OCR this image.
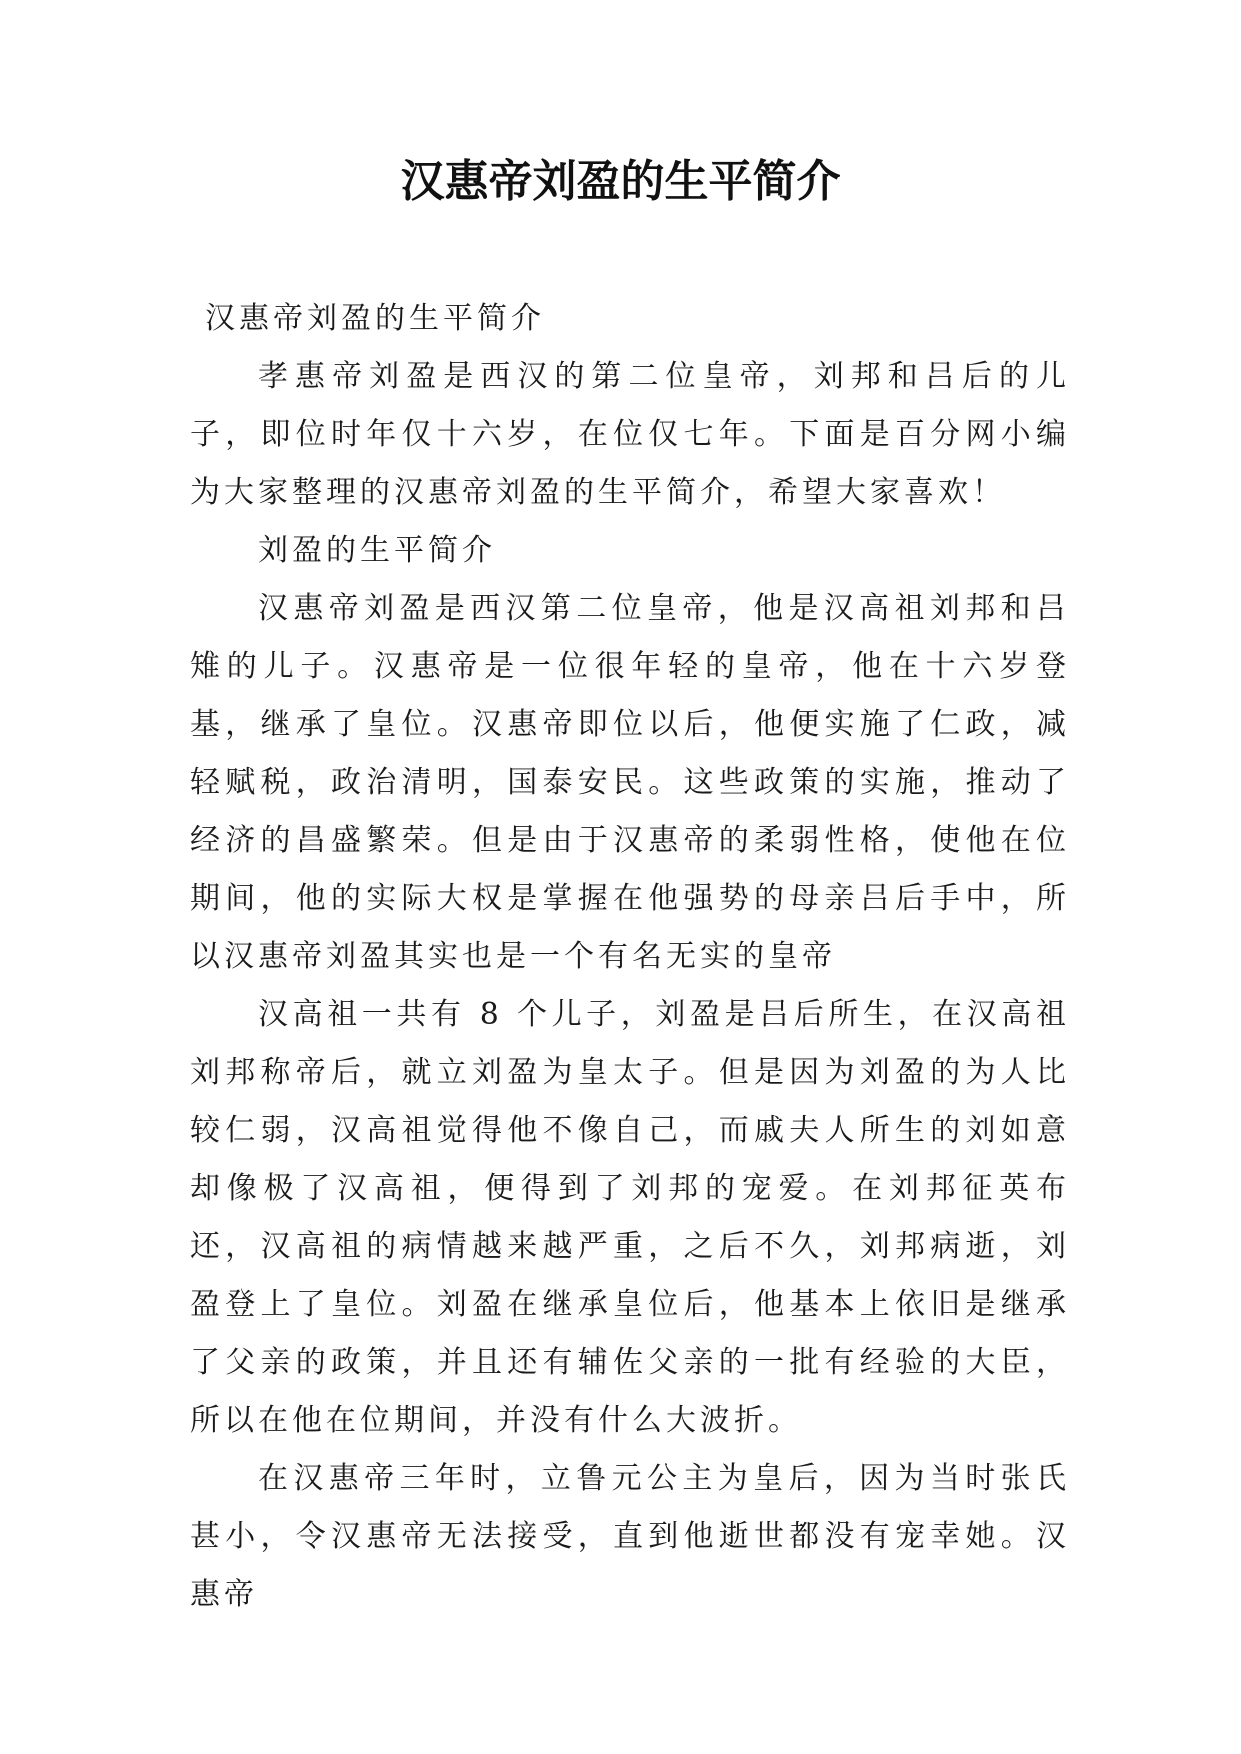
汉惠帝刘盈的生平简介

汉惠帝刘盈的生平简介

孝惠帝刘盈是西汉的第二位皇帝，刘邦和吕后的儿子，即位时年仅十六岁，在位仅七年。下面是百分网小编为大家整理的汉惠帝刘盈的生平简介，希望大家喜欢！

刘盈的生平简介

汉惠帝刘盈是西汉第二位皇帝，他是汉高祖刘邦和吕雉的儿子。汉惠帝是一位很年轻的皇帝，他在十六岁登基，继承了皇位。汉惠帝即位以后，他便实施了仁政，减轻赋税，政治清明，国泰安民。这些政策的实施，推动了经济的昌盛繁荣。但是由于汉惠帝的柔弱性格，使他在位期间，他的实际大权是掌握在他强势的母亲吕后手中，所以汉惠帝刘盈其实也是一个有名无实的皇帝

汉高祖一共有 8 个儿子，刘盈是吕后所生，在汉高祖刘邦称帝后，就立刘盈为皇太子。但是因为刘盈的为人比较仁弱，汉高祖觉得他不像自己，而戚夫人所生的刘如意却像极了汉高祖，便得到了刘邦的宠爱。在刘邦征英布还，汉高祖的病情越来越严重，之后不久，刘邦病逝，刘盈登上了皇位。刘盈在继承皇位后，他基本上依旧是继承了父亲的政策，并且还有辅佐父亲的一批有经验的大臣，所以在他在位期间，并没有什么大波折。

在汉惠帝三年时，立鲁元公主为皇后，因为当时张氏甚小，令汉惠帝无法接受，直到他逝世都没有宠幸她。汉惠帝
